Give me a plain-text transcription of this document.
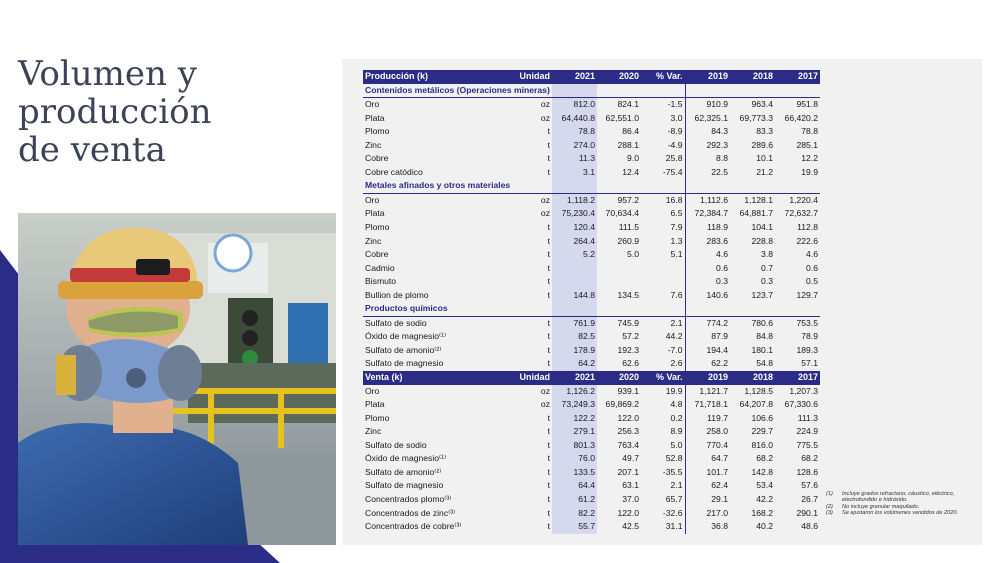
Volumen y
producción
de venta
Producción (k)	Unidad	2021	2020	% Var.	2019	2018	2017
Contenidos metálicos (Operaciones mineras)							
Oro	oz	812.0	824.1	-1.5	910.9	963.4	951.8
Plata	oz	64,440.8	62,551.0	3.0	62,325.1	69,773.3	66,420.2
Plomo	t	78.8	86.4	-8.9	84.3	83.3	78.8
Zinc	t	274.0	288.1	-4.9	292.3	289.6	285.1
Cobre	t	11.3	9.0	25.8	8.8	10.1	12.2
Cobre catódico	t	3.1	12.4	-75.4	22.5	21.2	19.9
Metales afinados y otros materiales							
Oro	oz	1,118.2	957.2	16.8	1,112.6	1,128.1	1,220.4
Plata	oz	75,230.4	70,634.4	6.5	72,384.7	64,881.7	72,632.7
Plomo	t	120.4	111.5	7.9	118.9	104.1	112.8
Zinc	t	264.4	260.9	1.3	283.6	228.8	222.6
Cobre	t	5.2	5.0	5.1	4.6	3.8	4.6
Cadmio	t				0.6	0.7	0.6
Bismuto	t				0.3	0.3	0.5
Bullion de plomo	t	144.8	134.5	7.6	140.6	123.7	129.7
Productos químicos							
Sulfato de sodio	t	761.9	745.9	2.1	774.2	780.6	753.5
Óxido de magnesio⁽¹⁾	t	82.5	57.2	44.2	87.9	84.8	78.9
Sulfato de amonio⁽²⁾	t	178.9	192.3	-7.0	194.4	180.1	189.3
Sulfato de magnesio	t	64.2	62.6	2.6	62.2	54.8	57.1
Venta (k)	Unidad	2021	2020	% Var.	2019	2018	2017
Oro	oz	1,126.2	939.1	19.9	1,121.7	1,128.5	1,207.3
Plata	oz	73,249.3	69,869.2	4.8	71,718.1	64,207.8	67,330.6
Plomo	t	122.2	122.0	0.2	119.7	106.6	111.3
Zinc	t	279.1	256.3	8.9	258.0	229.7	224.9
Sulfato de sodio	t	801.3	763.4	5.0	770.4	816.0	775.5
Óxido de magnesio⁽¹⁾	t	76.0	49.7	52.8	64.7	68.2	68.2
Sulfato de amonio⁽²⁾	t	133.5	207.1	-35.5	101.7	142.8	128.6
Sulfato de magnesio	t	64.4	63.1	2.1	62.4	53.4	57.6
Concentrados plomo⁽³⁾	t	61.2	37.0	65.7	29.1	42.2	26.7
Concentrados de zinc⁽³⁾	t	82.2	122.0	-32.6	217.0	168.2	290.1
Concentrados de cobre⁽³⁾	t	55.7	42.5	31.1	36.8	40.2	48.6
(1)	Incluye grados refractario, cáustico, eléctrico, electrofundido e hidróxido.
(2)	No incluye granular maquilado.
(3)	Se ajustaron los volúmenes vendidos de 2020.
